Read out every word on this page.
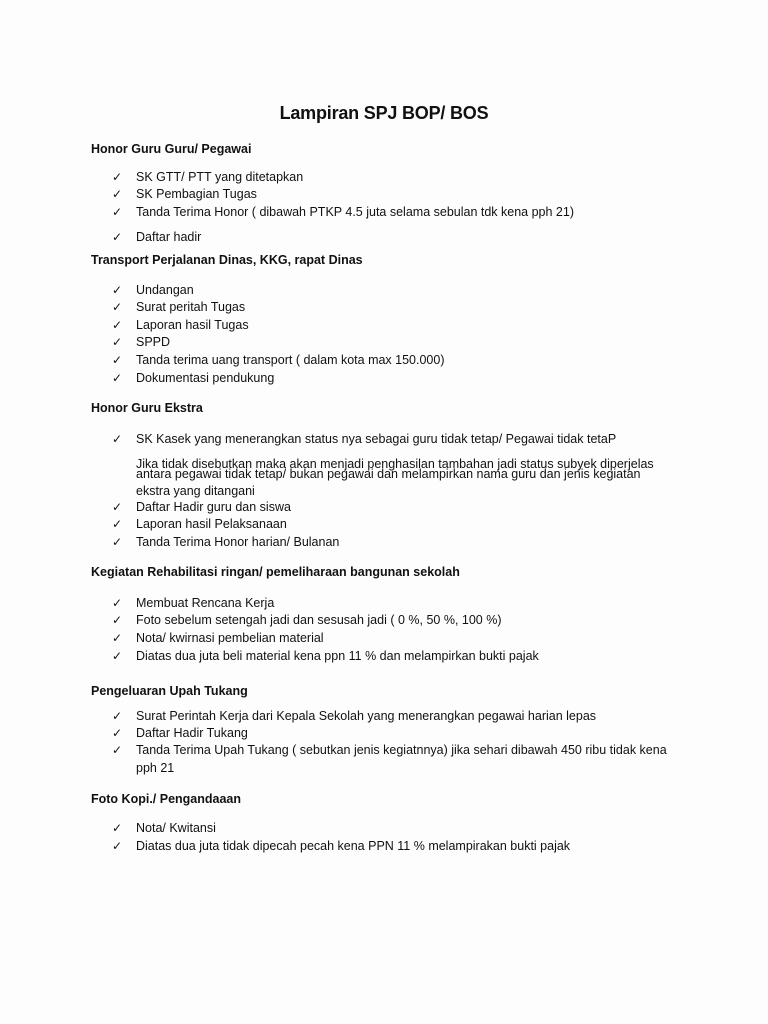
Lampiran SPJ BOP/ BOS
Honor Guru Guru/ Pegawai
✓ SK GTT/ PTT yang ditetapkan
✓ SK Pembagian Tugas
✓ Tanda Terima Honor ( dibawah PTKP 4.5 juta selama sebulan tdk kena pph 21)
✓ Daftar hadir
Transport Perjalanan Dinas, KKG, rapat Dinas
✓ Undangan
✓ Surat peritah Tugas
✓ Laporan hasil Tugas
✓ SPPD
✓ Tanda terima uang transport ( dalam kota max 150.000)
✓ Dokumentasi pendukung
Honor Guru Ekstra
✓ SK Kasek yang menerangkan status nya sebagai guru tidak tetap/ Pegawai tidak tetaP
Jika tidak disebutkan maka akan menjadi penghasilan tambahan jadi status subyek diperjelas
antara pegawai tidak tetap/ bukan pegawai dan melampirkan nama guru dan jenis kegiatan
ekstra yang ditangani
✓ Daftar Hadir guru dan siswa
✓ Laporan hasil Pelaksanaan
✓ Tanda Terima Honor harian/ Bulanan
Kegiatan Rehabilitasi ringan/ pemeliharaan bangunan sekolah
✓ Membuat Rencana Kerja
✓ Foto sebelum setengah jadi dan sesusah jadi ( 0 %, 50 %, 100 %)
✓ Nota/ kwirnasi pembelian material
✓ Diatas dua juta beli material kena ppn 11 % dan melampirkan bukti pajak
Pengeluaran Upah Tukang
✓ Surat Perintah Kerja dari Kepala Sekolah yang menerangkan pegawai harian lepas
✓ Daftar Hadir Tukang
✓ Tanda Terima Upah Tukang ( sebutkan jenis kegiatnnya) jika sehari dibawah 450 ribu tidak kena
pph 21
Foto Kopi./ Pengandaaan
✓ Nota/ Kwitansi
✓ Diatas dua juta tidak dipecah pecah kena PPN 11 % melampirakan bukti pajak
